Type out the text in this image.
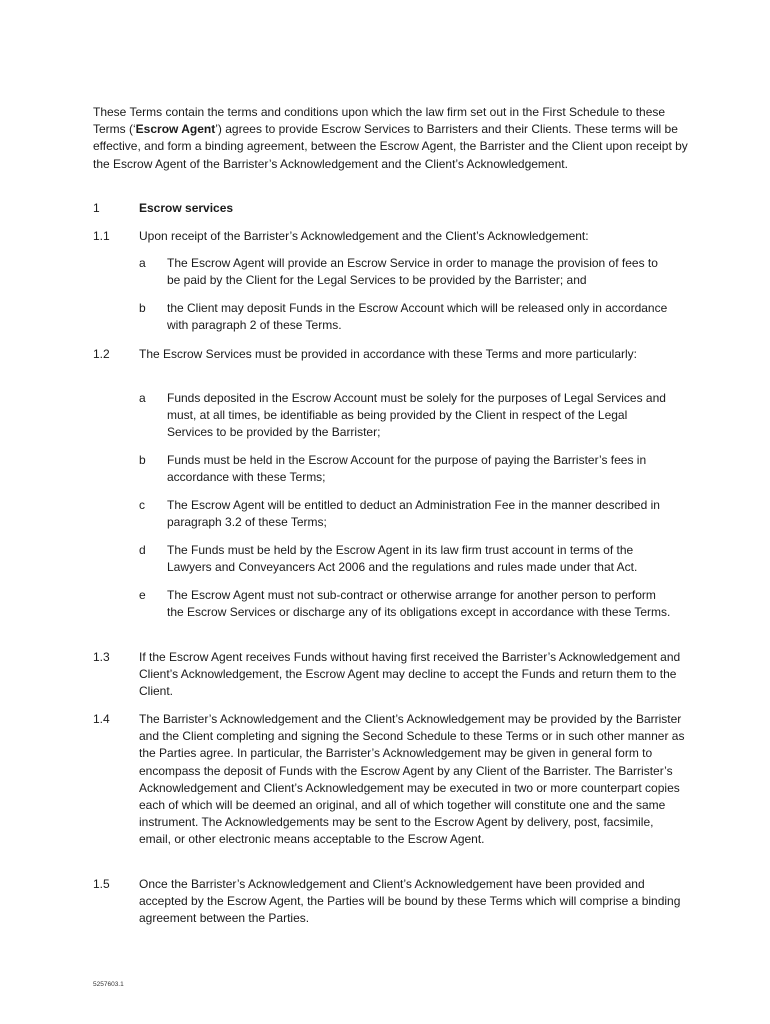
These Terms contain the terms and conditions upon which the law firm set out in the First Schedule to these Terms (‘Escrow Agent’) agrees to provide Escrow Services to Barristers and their Clients. These terms will be effective, and form a binding agreement, between the Escrow Agent, the Barrister and the Client upon receipt by the Escrow Agent of the Barrister’s Acknowledgement and the Client’s Acknowledgement.

1	Escrow services
1.1	Upon receipt of the Barrister’s Acknowledgement and the Client’s Acknowledgement:
a	The Escrow Agent will provide an Escrow Service in order to manage the provision of fees to be paid by the Client for the Legal Services to be provided by the Barrister; and
b	the Client may deposit Funds in the Escrow Account which will be released only in accordance with paragraph 2 of these Terms.
1.2	The Escrow Services must be provided in accordance with these Terms and more particularly:
a	Funds deposited in the Escrow Account must be solely for the purposes of Legal Services and must, at all times, be identifiable as being provided by the Client in respect of the Legal Services to be provided by the Barrister;
b	Funds must be held in the Escrow Account for the purpose of paying the Barrister’s fees in accordance with these Terms;
c	The Escrow Agent will be entitled to deduct an Administration Fee in the manner described in paragraph 3.2 of these Terms;
d	The Funds must be held by the Escrow Agent in its law firm trust account in terms of the Lawyers and Conveyancers Act 2006 and the regulations and rules made under that Act.
e	The Escrow Agent must not sub-contract or otherwise arrange for another person to perform the Escrow Services or discharge any of its obligations except in accordance with these Terms.
1.3	If the Escrow Agent receives Funds without having first received the Barrister’s Acknowledgement and Client’s Acknowledgement, the Escrow Agent may decline to accept the Funds and return them to the Client.
1.4	The Barrister’s Acknowledgement and the Client’s Acknowledgement may be provided by the Barrister and the Client completing and signing the Second Schedule to these Terms or in such other manner as the Parties agree. In particular, the Barrister’s Acknowledgement may be given in general form to encompass the deposit of Funds with the Escrow Agent by any Client of the Barrister. The Barrister’s Acknowledgement and Client’s Acknowledgement may be executed in two or more counterpart copies each of which will be deemed an original, and all of which together will constitute one and the same instrument. The Acknowledgements may be sent to the Escrow Agent by delivery, post, facsimile, email, or other electronic means acceptable to the Escrow Agent.
1.5	Once the Barrister’s Acknowledgement and Client’s Acknowledgement have been provided and accepted by the Escrow Agent, the Parties will be bound by these Terms which will comprise a binding agreement between the Parties.
5257603.1
